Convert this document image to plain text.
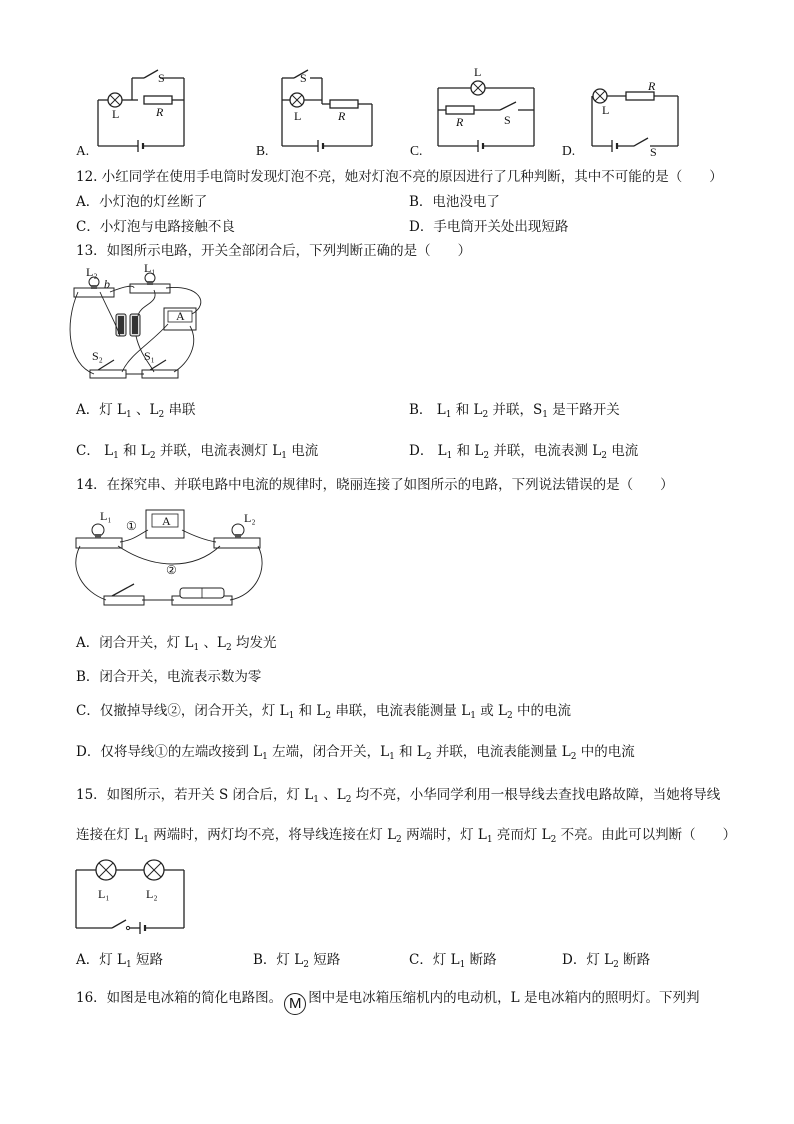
S
L	R
A.
S
L	R
B.
L
R	S
C.
L
R
S
D.
12. 小红同学在使用手电筒时发现灯泡不亮，她对灯泡不亮的原因进行了几种判断，其中不可能的是（　　）
A．小灯泡的灯丝断了	B．电池没电了
C．小灯泡与电路接触不良	D．手电筒开关处出现短路
13．如图所示电路，开关全部闭合后，下列判断正确的是（　　）
L₂	L₁
b
A
S₂	S₁
A．灯 $L_1$ 、$L_2$ 串联	B． $L_1$ 和 $L_2$ 并联，$S_1$ 是干路开关
C． $L_1$ 和 $L_2$ 并联，电流表测灯 $L_1$ 电流	D． $L_1$ 和 $L_2$ 并联，电流表测 $L_2$ 电流
14．在探究串、并联电路中电流的规律时，晓丽连接了如图所示的电路，下列说法错误的是（　　）
L₁
① A	L₂
②
A．闭合开关，灯 $L_1$ 、$L_2$ 均发光
B．闭合开关，电流表示数为零
C．仅撤掉导线②，闭合开关，灯 $L_1$ 和 $L_2$ 串联，电流表能测量 $L_1$ 或 $L_2$ 中的电流
D．仅将导线①的左端改接到 $L_1$ 左端，闭合开关，$L_1$ 和 $L_2$ 并联，电流表能测量 $L_2$ 中的电流
15．如图所示，若开关 S 闭合后，灯 $L_1$ 、$L_2$ 均不亮，小华同学利用一根导线去查找电路故障，当她将导线
连接在灯 $L_1$ 两端时，两灯均不亮，将导线连接在灯 $L_2$ 两端时，灯 $L_1$ 亮而灯 $L_2$ 不亮。由此可以判断（　　）
L₁	L₂
A．灯 $L_1$ 短路	B．灯 $L_2$ 短路	C．灯 $L_1$ 断路	D．灯 $L_2$ 断路
16．如图是电冰箱的简化电路图。 M 图中是电冰箱压缩机内的电动机，L 是电冰箱内的照明灯。下列判
